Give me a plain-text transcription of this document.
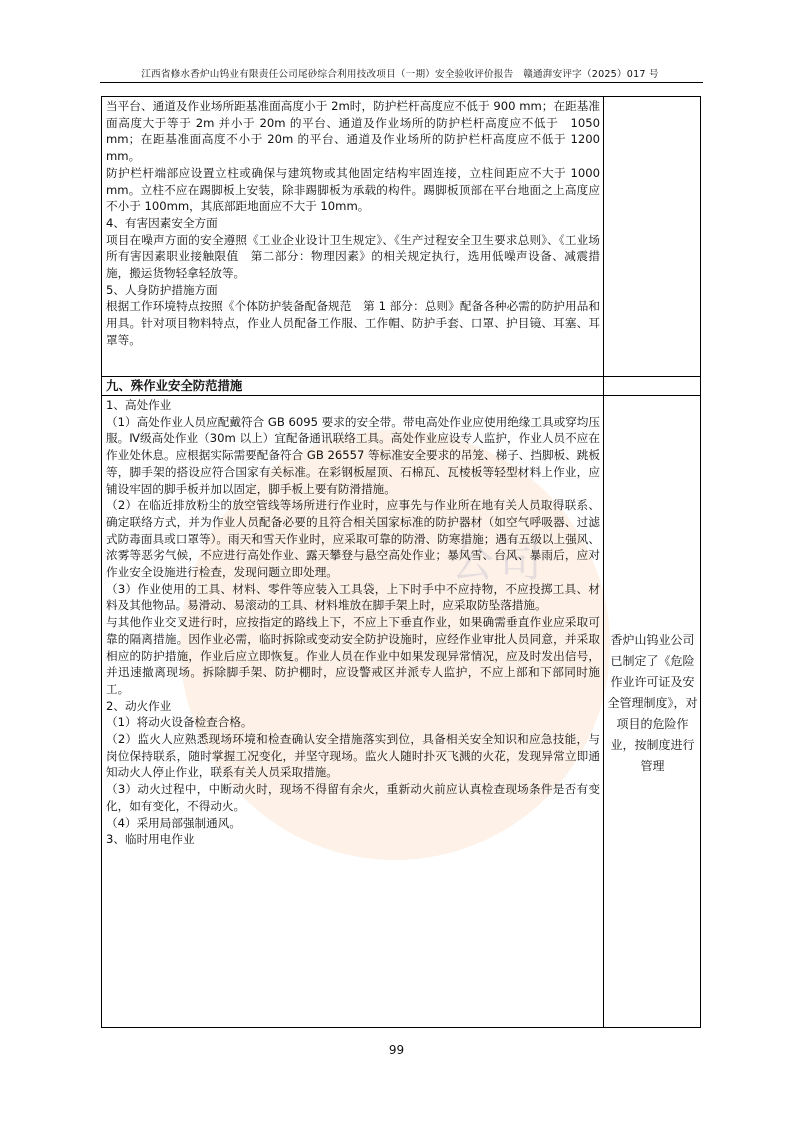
公司
江西省修水香炉山钨业有限责任公司尾砂综合利用技改项目（一期）安全验收评价报告　赣通湃安评字（2025）017 号

当平台、通道及作业场所距基准面高度小于 2m时，防护栏杆高度应不低于 900 mm；在距基准面高度大于等于 2m 并小于 20m 的平台、通道及作业场所的防护栏杆高度应不低于　1050 mm；在距基准面高度不小于 20m 的平台、通道及作业场所的防护栏杆高度应不低于 1200 mm。

防护栏杆端部应设置立柱或确保与建筑物或其他固定结构牢固连接，立柱间距应不大于 1000　mm。立柱不应在踢脚板上安装，除非踢脚板为承载的构件。踢脚板顶部在平台地面之上高度应不小于 100mm，其底部距地面应不大于 10mm。

4、有害因素安全方面

项目在噪声方面的安全遵照《工业企业设计卫生规定》、《生产过程安全卫生要求总则》、《工业场所有害因素职业接触限值　第二部分：物理因素》的相关规定执行，选用低噪声设备、减震措施，搬运货物轻拿轻放等。

5、人身防护措施方面

根据工作环境特点按照《个体防护装备配备规范　第 1 部分：总则》配备各种必需的防护用品和用具。针对项目物料特点，作业人员配备工作服、工作帽、防护手套、口罩、护目镜、耳塞、耳罩等。

九、殊作业安全防范措施

1、高处作业

（1）高处作业人员应配戴符合 GB 6095 要求的安全带。带电高处作业应使用绝缘工具或穿均压服。Ⅳ级高处作业（30m 以上）宜配备通讯联络工具。高处作业应设专人监护，作业人员不应在作业处休息。应根据实际需要配备符合 GB 26557 等标准安全要求的吊笼、梯子、挡脚板、跳板等，脚手架的搭设应符合国家有关标准。在彩钢板屋顶、石棉瓦、瓦棱板等轻型材料上作业，应铺设牢固的脚手板并加以固定，脚手板上要有防滑措施。

（2）在临近排放粉尘的放空管线等场所进行作业时，应事先与作业所在地有关人员取得联系、确定联络方式，并为作业人员配备必要的且符合相关国家标准的防护器材（如空气呼吸器、过滤式防毒面具或口罩等）。雨天和雪天作业时，应采取可靠的防滑、防寒措施；遇有五级以上强风、浓雾等恶劣气候，不应进行高处作业、露天攀登与悬空高处作业；暴风雪、台风、暴雨后，应对作业安全设施进行检查，发现问题立即处理。

（3）作业使用的工具、材料、零件等应装入工具袋，上下时手中不应持物，不应投掷工具、材料及其他物品。易滑动、易滚动的工具、材料堆放在脚手架上时，应采取防坠落措施。

与其他作业交叉进行时，应按指定的路线上下，不应上下垂直作业，如果确需垂直作业应采取可靠的隔离措施。因作业必需，临时拆除或变动安全防护设施时，应经作业审批人员同意，并采取相应的防护措施，作业后应立即恢复。作业人员在作业中如果发现异常情况，应及时发出信号，并迅速撤离现场。拆除脚手架、防护棚时，应设警戒区并派专人监护，不应上部和下部同时施工。

2、动火作业

（1）将动火设备检查合格。

（2）监火人应熟悉现场环境和检查确认安全措施落实到位，具备相关安全知识和应急技能，与岗位保持联系，随时掌握工况变化，并坚守现场。监火人随时扑灭飞溅的火花，发现异常立即通知动火人停止作业，联系有关人员采取措施。

（3）动火过程中，中断动火时，现场不得留有余火，重新动火前应认真检查现场条件是否有变化，如有变化，不得动火。

（4）采用局部强制通风。

3、临时用电作业

香炉山钨业公司已制定了《危险作业许可证及安全管理制度》，对项目的危险作业，按制度进行管理
99
